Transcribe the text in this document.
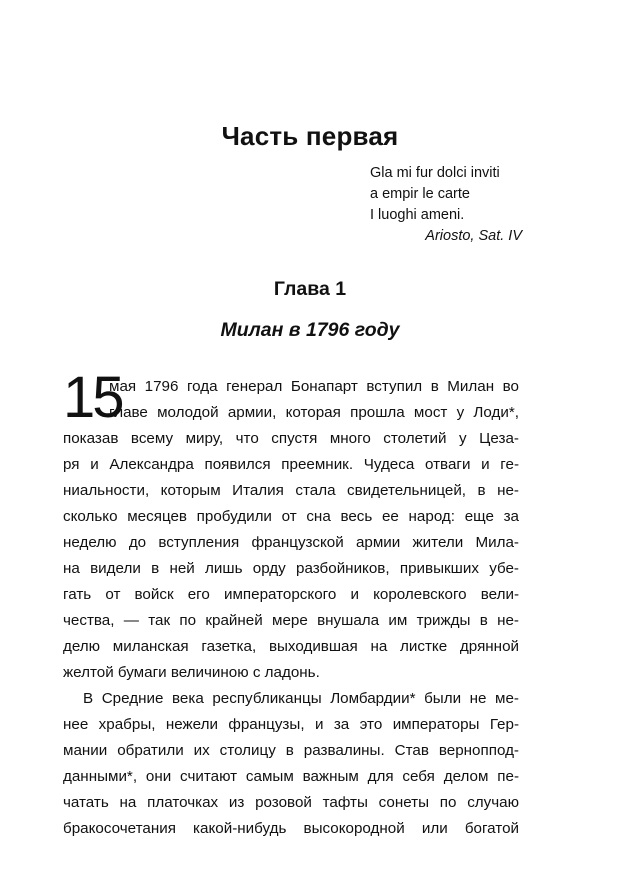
Часть первая
Gla mi fur dolci inviti
a empir le carte
I luoghi ameni.
Ariosto, Sat. IV
Глава 1
Милан в 1796 году
15
мая 1796 года генерал Бонапарт вступил в Милан во
главе молодой армии, которая прошла мост у Лоди*,
показав всему миру, что спустя много столетий у Цеза-
ря и Александра появился преемник. Чудеса отваги и ге-
ниальности, которым Италия стала свидетельницей, в не-
сколько месяцев пробудили от сна весь ее народ: еще за
неделю до вступления французской армии жители Мила-
на видели в ней лишь орду разбойников, привыкших убе-
гать от войск его императорского и королевского вели-
чества, — так по крайней мере внушала им трижды в не-
делю миланская газетка, выходившая на листке дрянной
желтой бумаги величиною с ладонь.
В Средние века республиканцы Ломбардии* были не ме-
нее храбры, нежели французы, и за это императоры Гер-
мании обратили их столицу в развалины. Став верноппод-
данными*, они считают самым важным для себя делом пе-
чатать на платочках из розовой тафты сонеты по случаю
бракосочетания какой-нибудь высокородной или богатой
